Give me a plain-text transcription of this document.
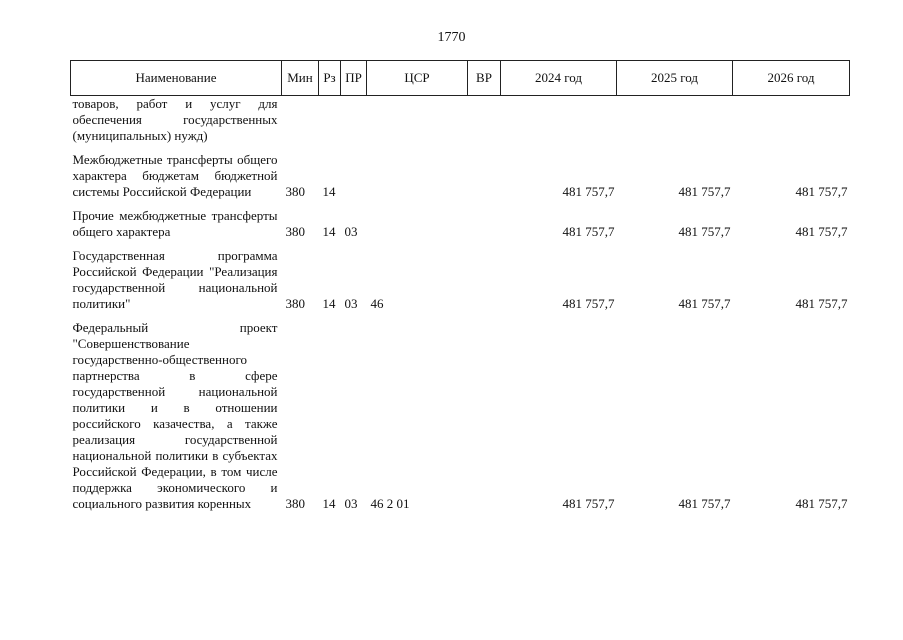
1770
Наименование	Мин	Рз	ПР	ЦСР	ВР	2024 год	2025 год	2026 год
товаров, работ и услуг для обеспечения государственных (муниципальных) нужд)								

Межбюджетные трансферты общего характера бюджетам бюджетной системы Российской Федерации	380	14				481 757,7	481 757,7	481 757,7

Прочие межбюджетные трансферты общего характера	380	14	03			481 757,7	481 757,7	481 757,7

Государственная программа Российской Федерации "Реализация государственной национальной политики"	380	14	03	46		481 757,7	481 757,7	481 757,7

Федеральный проект "Совершенствование государственно-общественного партнерства в сфере государственной национальной политики и в отношении российского казачества, а также реализация государственной национальной политики в субъектах Российской Федерации, в том числе поддержка экономического и социального развития коренных	380	14	03	46 2 01		481 757,7	481 757,7	481 757,7
